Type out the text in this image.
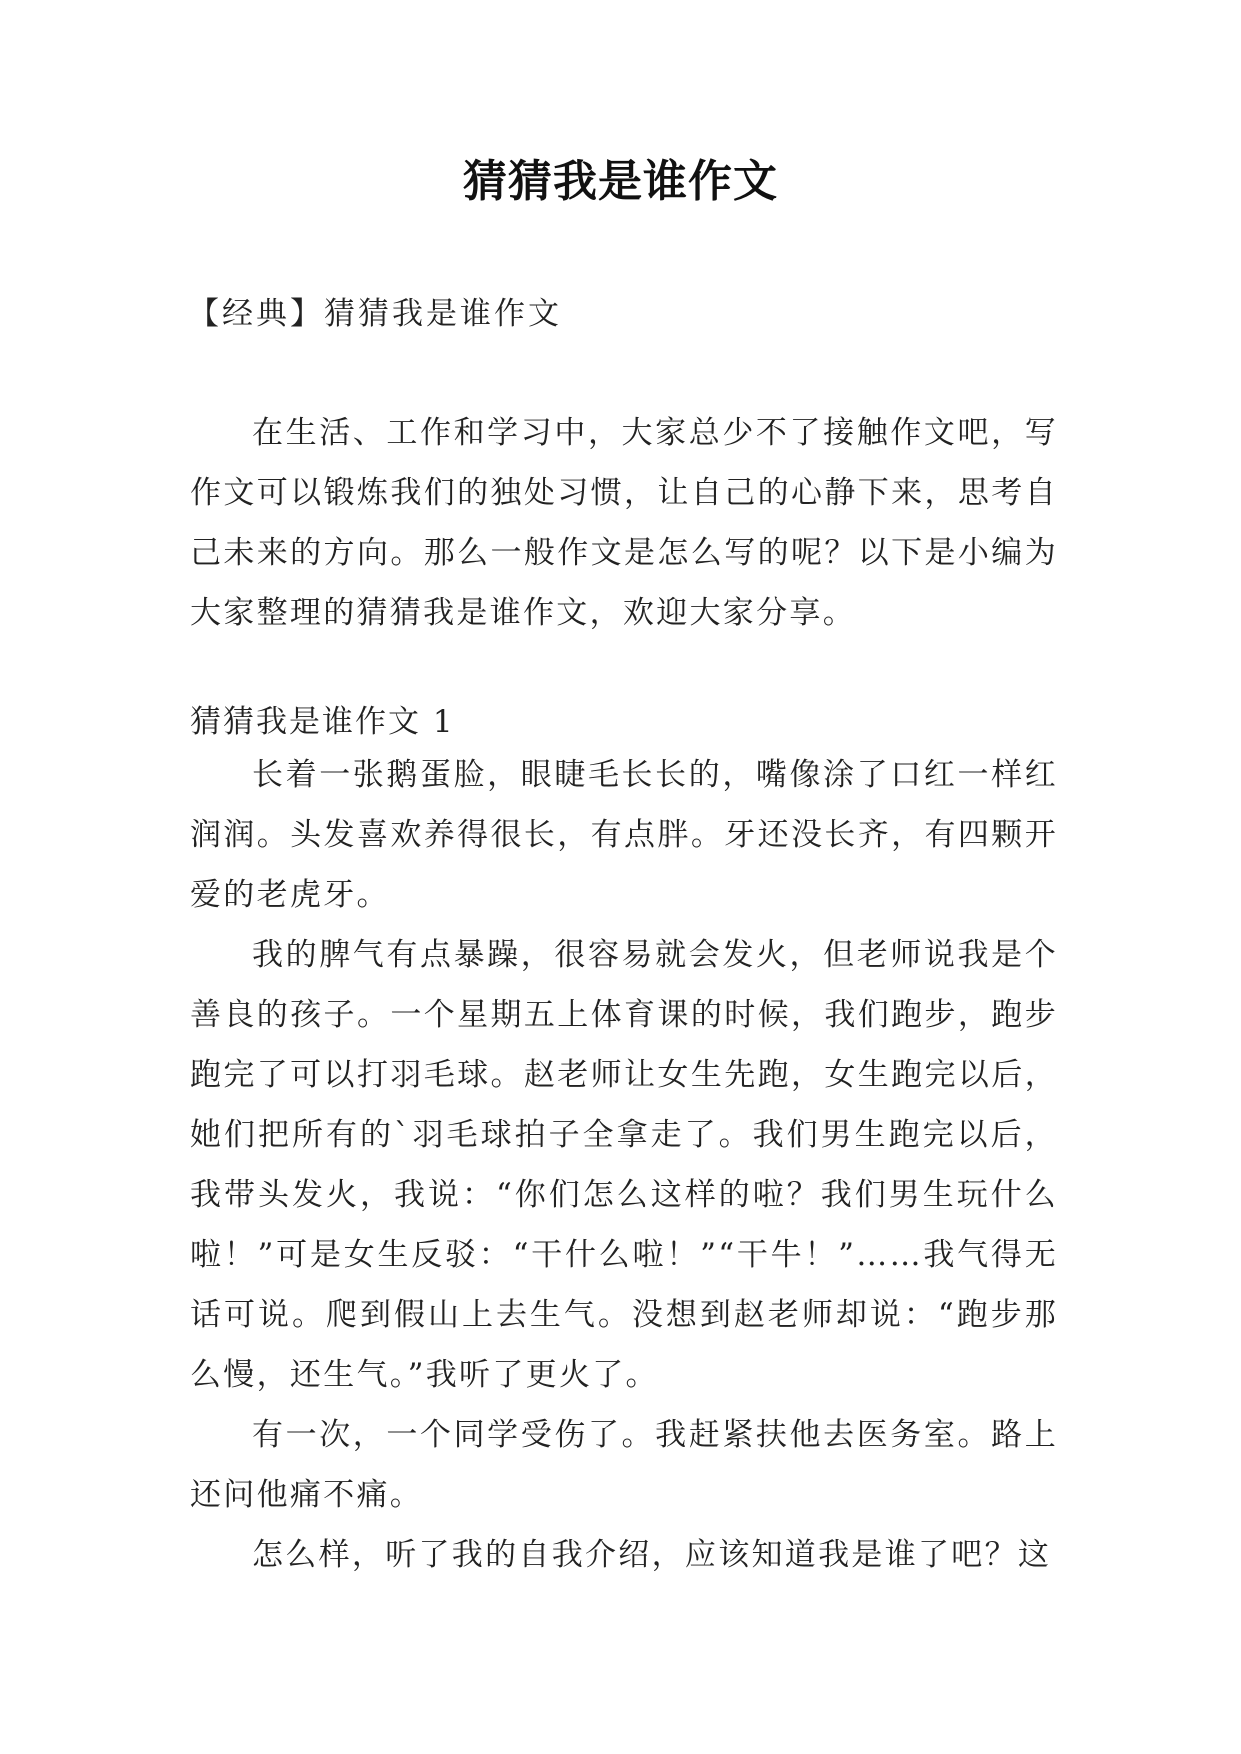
猜猜我是谁作文
【经典】猜猜我是谁作文

在生活、工作和学习中，大家总少不了接触作文吧，写作文可以锻炼我们的独处习惯，让自己的心静下来，思考自己未来的方向。那么一般作文是怎么写的呢？以下是小编为大家整理的猜猜我是谁作文，欢迎大家分享。

猜猜我是谁作文 1

长着一张鹅蛋脸，眼睫毛长长的，嘴像涂了口红一样红润润。头发喜欢养得很长，有点胖。牙还没长齐，有四颗开爱的老虎牙。

我的脾气有点暴躁，很容易就会发火，但老师说我是个善良的孩子。一个星期五上体育课的时候，我们跑步，跑步跑完了可以打羽毛球。赵老师让女生先跑，女生跑完以后，她们把所有的`羽毛球拍子全拿走了。我们男生跑完以后，我带头发火，我说：“你们怎么这样的啦？我们男生玩什么啦！”可是女生反驳：“干什么啦！”“干牛！”……我气得无话可说。爬到假山上去生气。没想到赵老师却说：“跑步那么慢，还生气。”我听了更火了。

有一次，一个同学受伤了。我赶紧扶他去医务室。路上还问他痛不痛。

怎么样，听了我的自我介绍，应该知道我是谁了吧？这
